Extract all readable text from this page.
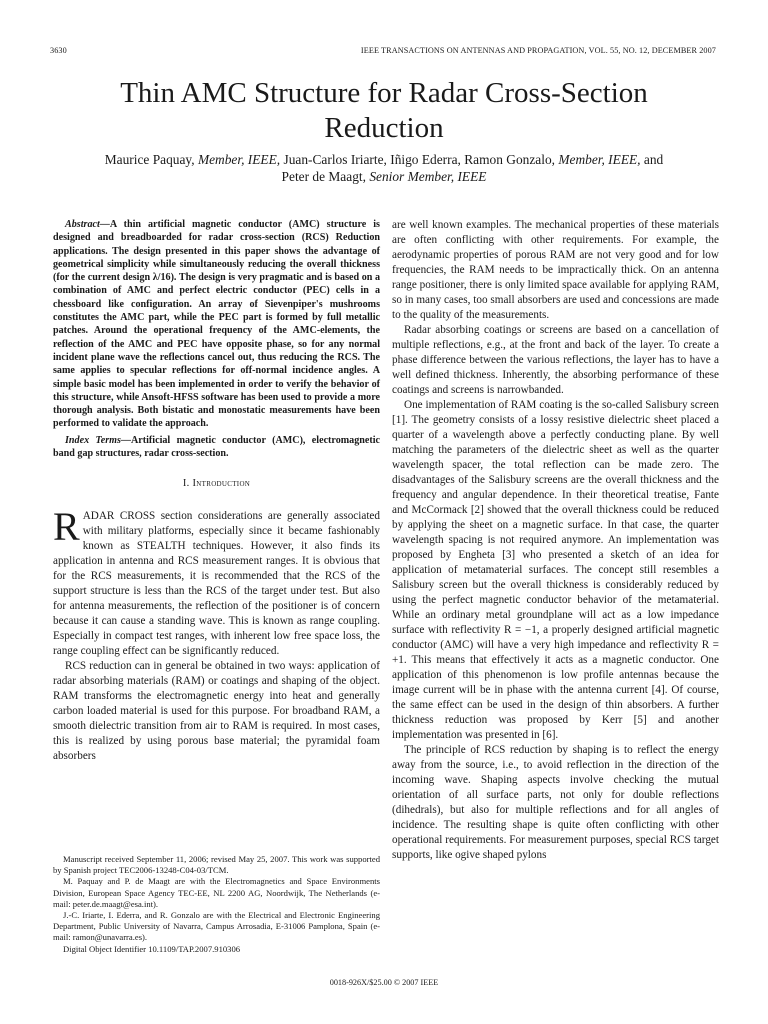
3630	IEEE TRANSACTIONS ON ANTENNAS AND PROPAGATION, VOL. 55, NO. 12, DECEMBER 2007
Thin AMC Structure for Radar Cross-Section Reduction
Maurice Paquay, Member, IEEE, Juan-Carlos Iriarte, Iñigo Ederra, Ramon Gonzalo, Member, IEEE, and
Peter de Maagt, Senior Member, IEEE

Abstract—A thin artificial magnetic conductor (AMC) structure is designed and breadboarded for radar cross-section (RCS) Reduction applications. The design presented in this paper shows the advantage of geometrical simplicity while simultaneously reducing the overall thickness (for the current design λ/16). The design is very pragmatic and is based on a combination of AMC and perfect electric conductor (PEC) cells in a chessboard like configuration. An array of Sievenpiper's mushrooms constitutes the AMC part, while the PEC part is formed by full metallic patches. Around the operational frequency of the AMC-elements, the reflection of the AMC and PEC have opposite phase, so for any normal incident plane wave the reflections cancel out, thus reducing the RCS. The same applies to specular reflections for off-normal incidence angles. A simple basic model has been implemented in order to verify the behavior of this structure, while Ansoft-HFSS software has been used to provide a more thorough analysis. Both bistatic and monostatic measurements have been performed to validate the approach.

Index Terms—Artificial magnetic conductor (AMC), electromagnetic band gap structures, radar cross-section.

I. Introduction

RADAR CROSS section considerations are generally associated with military platforms, especially since it became fashionably known as STEALTH techniques. However, it also finds its application in antenna and RCS measurement ranges. It is obvious that for the RCS measurements, it is recommended that the RCS of the support structure is less than the RCS of the target under test. But also for antenna measurements, the reflection of the positioner is of concern because it can cause a standing wave. This is known as range coupling. Especially in compact test ranges, with inherent low free space loss, the range coupling effect can be significantly reduced.

RCS reduction can in general be obtained in two ways: application of radar absorbing materials (RAM) or coatings and shaping of the object. RAM transforms the electromagnetic energy into heat and generally carbon loaded material is used for this purpose. For broadband RAM, a smooth dielectric transition from air to RAM is required. In most cases, this is realized by using porous base material; the pyramidal foam absorbers

Manuscript received September 11, 2006; revised May 25, 2007. This work was supported by Spanish project TEC2006-13248-C04-03/TCM.

M. Paquay and P. de Maagt are with the Electromagnetics and Space Environments Division, European Space Agency TEC-EE, NL 2200 AG, Noordwijk, The Netherlands (e-mail: peter.de.maagt@esa.int).

J.-C. Iriarte, I. Ederra, and R. Gonzalo are with the Electrical and Electronic Engineering Department, Public University of Navarra, Campus Arrosadia, E-31006 Pamplona, Spain (e-mail: ramon@unavarra.es).

Digital Object Identifier 10.1109/TAP.2007.910306

are well known examples. The mechanical properties of these materials are often conflicting with other requirements. For example, the aerodynamic properties of porous RAM are not very good and for low frequencies, the RAM needs to be impractically thick. On an antenna range positioner, there is only limited space available for applying RAM, so in many cases, too small absorbers are used and concessions are made to the quality of the measurements.

Radar absorbing coatings or screens are based on a cancellation of multiple reflections, e.g., at the front and back of the layer. To create a phase difference between the various reflections, the layer has to have a well defined thickness. Inherently, the absorbing performance of these coatings and screens is narrowbanded.

One implementation of RAM coating is the so-called Salisbury screen [1]. The geometry consists of a lossy resistive dielectric sheet placed a quarter of a wavelength above a perfectly conducting plane. By well matching the parameters of the dielectric sheet as well as the quarter wavelength spacer, the total reflection can be made zero. The disadvantages of the Salisbury screens are the overall thickness and the frequency and angular dependence. In their theoretical treatise, Fante and McCormack [2] showed that the overall thickness could be reduced by applying the sheet on a magnetic surface. In that case, the quarter wavelength spacing is not required anymore. An implementation was proposed by Engheta [3] who presented a sketch of an idea for application of metamaterial surfaces. The concept still resembles a Salisbury screen but the overall thickness is considerably reduced by using the perfect magnetic conductor behavior of the metamaterial. While an ordinary metal groundplane will act as a low impedance surface with reflectivity R = −1, a properly designed artificial magnetic conductor (AMC) will have a very high impedance and reflectivity R = +1. This means that effectively it acts as a magnetic conductor. One application of this phenomenon is low profile antennas because the image current will be in phase with the antenna current [4]. Of course, the same effect can be used in the design of thin absorbers. A further thickness reduction was proposed by Kerr [5] and another implementation was presented in [6].

The principle of RCS reduction by shaping is to reflect the energy away from the source, i.e., to avoid reflection in the direction of the incoming wave. Shaping aspects involve checking the mutual orientation of all surface parts, not only for double reflections (dihedrals), but also for multiple reflections and for all angles of incidence. The resulting shape is quite often conflicting with other operational requirements. For measurement purposes, special RCS target supports, like ogive shaped pylons

0018-926X/$25.00 © 2007 IEEE
